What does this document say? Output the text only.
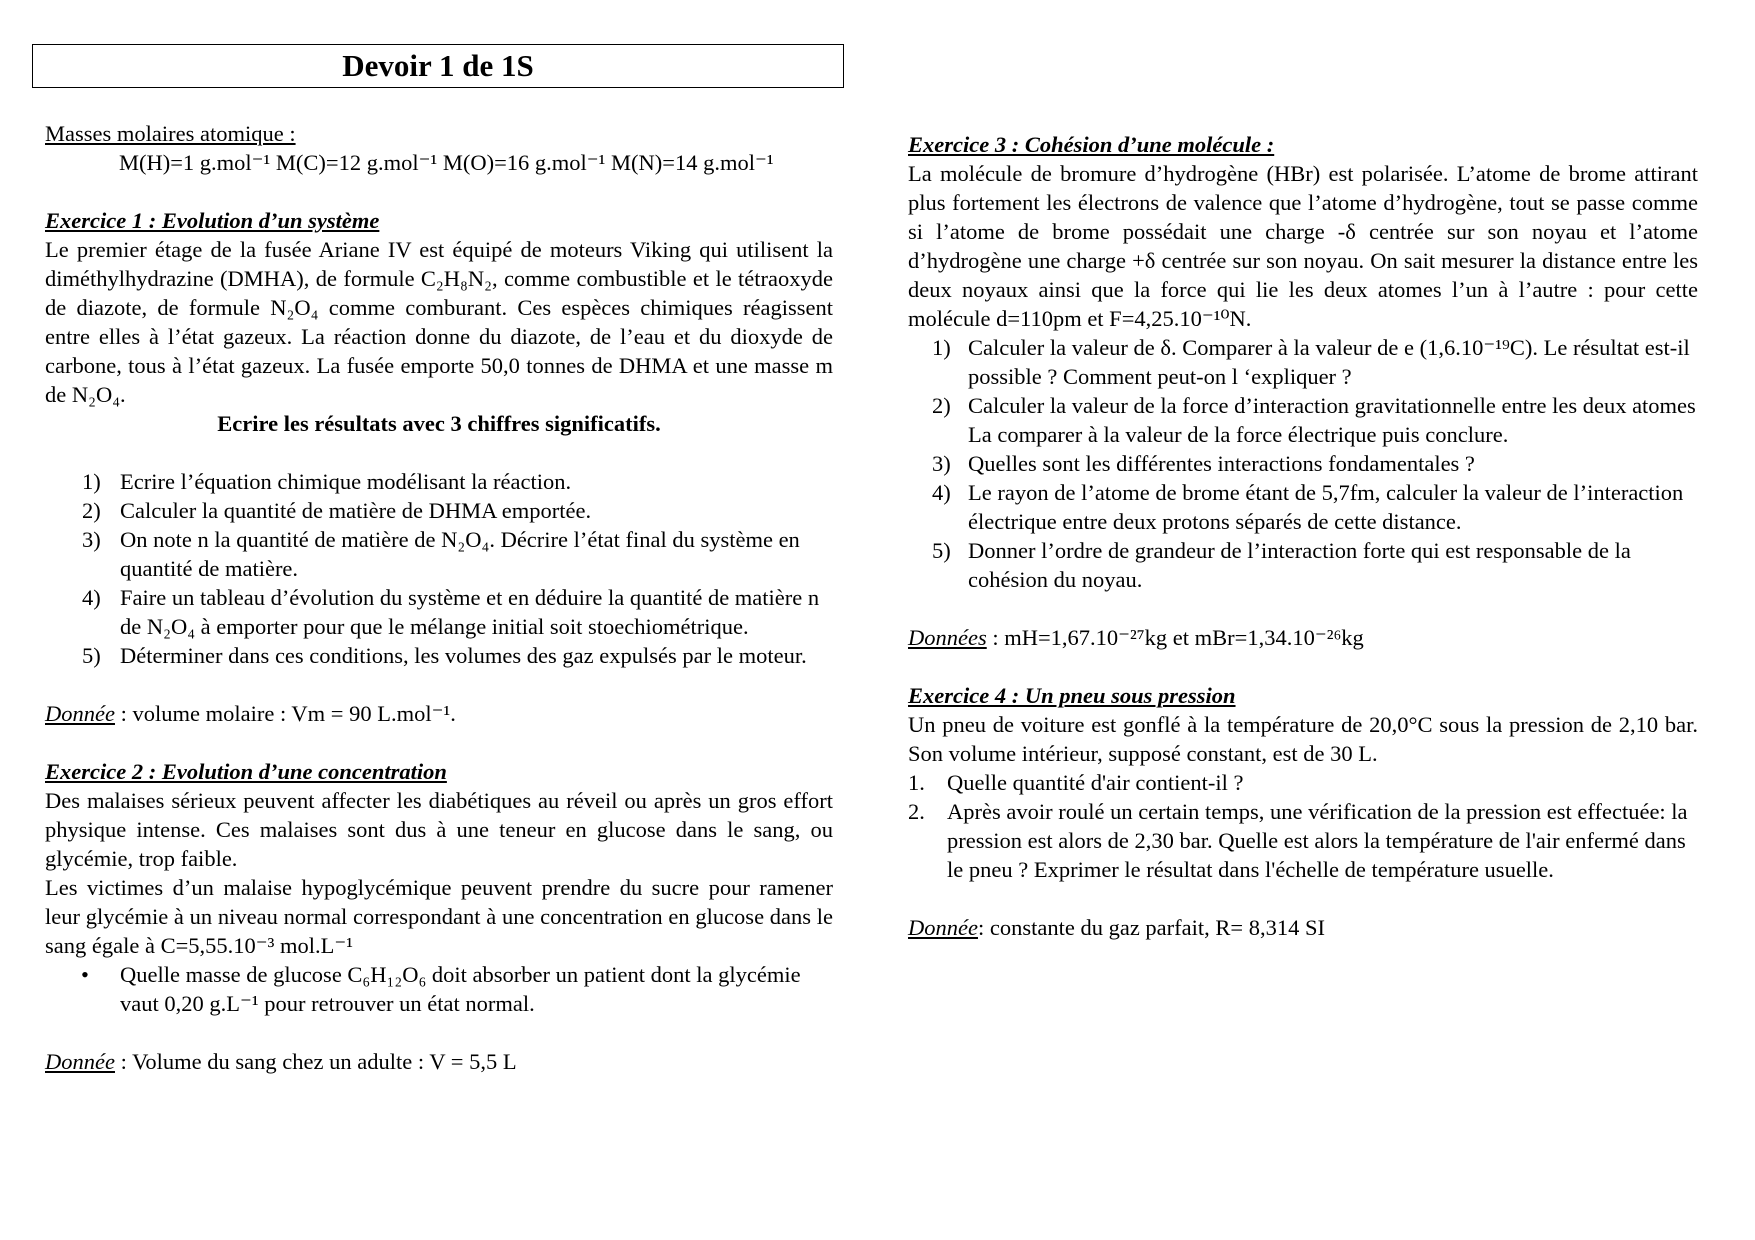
Devoir 1 de 1S

Masses molaires atomique :

M(H)=1 g.mol⁻¹ M(C)=12 g.mol⁻¹ M(O)=16 g.mol⁻¹ M(N)=14 g.mol⁻¹

Exercice 1 : Evolution d’un système

Le premier étage de la fusée Ariane IV est équipé de moteurs Viking qui utilisent la diméthylhydrazine (DMHA), de formule C₂H₈N₂, comme combustible et le tétraoxyde de diazote, de formule N₂O₄ comme comburant. Ces espèces chimiques réagissent entre elles à l’état gazeux. La réaction donne du diazote, de l’eau et du dioxyde de carbone, tous à l’état gazeux. La fusée emporte 50,0 tonnes de DHMA et une masse m de N₂O₄.

Ecrire les résultats avec 3 chiffres significatifs.

1) Ecrire l’équation chimique modélisant la réaction.
2) Calculer la quantité de matière de DHMA emportée.
3) On note n la quantité de matière de N₂O₄. Décrire l’état final du système en quantité de matière.
4) Faire un tableau d’évolution du système et en déduire la quantité de matière n de N₂O₄ à emporter pour que le mélange initial soit stoechiométrique.
5) Déterminer dans ces conditions, les volumes des gaz expulsés par le moteur.

Donnée : volume molaire : Vm = 90 L.mol⁻¹.

Exercice 2 : Evolution d’une concentration

Des malaises sérieux peuvent affecter les diabétiques au réveil ou après un gros effort physique intense. Ces malaises sont dus à une teneur en glucose dans le sang, ou glycémie, trop faible.

Les victimes d’un malaise hypoglycémique peuvent prendre du sucre pour ramener leur glycémie à un niveau normal correspondant à une concentration en glucose dans le sang égale à C=5,55.10⁻³ mol.L⁻¹

• Quelle masse de glucose C₆H₁₂O₆ doit absorber un patient dont la glycémie vaut 0,20 g.L⁻¹ pour retrouver un état normal.

Donnée : Volume du sang chez un adulte : V = 5,5 L

Exercice 3 : Cohésion d’une molécule :

La molécule de bromure d’hydrogène (HBr) est polarisée. L’atome de brome attirant plus fortement les électrons de valence que l’atome d’hydrogène, tout se passe comme si l’atome de brome possédait une charge -δ centrée sur son noyau et l’atome d’hydrogène une charge +δ centrée sur son noyau. On sait mesurer la distance entre les deux noyaux ainsi que la force qui lie les deux atomes l’un à l’autre : pour cette molécule d=110pm et F=4,25.10⁻¹⁰N.

1) Calculer la valeur de δ. Comparer à la valeur de e (1,6.10⁻¹⁹C). Le résultat est-il possible ? Comment peut-on l ‘expliquer ?
2) Calculer la valeur de la force d’interaction gravitationnelle entre les deux atomes
La comparer à la valeur de la force électrique puis conclure.
3) Quelles sont les différentes interactions fondamentales ?
4) Le rayon de l’atome de brome étant de 5,7fm, calculer la valeur de l’interaction électrique entre deux protons séparés de cette distance.
5) Donner l’ordre de grandeur de l’interaction forte qui est responsable de la cohésion du noyau.

Données : mH=1,67.10⁻²⁷kg et mBr=1,34.10⁻²⁶kg

Exercice 4 : Un pneu sous pression

Un pneu de voiture est gonflé à la température de 20,0°C sous la pression de 2,10 bar. Son volume intérieur, supposé constant, est de 30 L.

1. Quelle quantité d'air contient-il ?
2. Après avoir roulé un certain temps, une vérification de la pression est effectuée: la pression est alors de 2,30 bar. Quelle est alors la température de l'air enfermé dans le pneu ? Exprimer le résultat dans l'échelle de température usuelle.

Donnée: constante du gaz parfait, R= 8,314 SI
